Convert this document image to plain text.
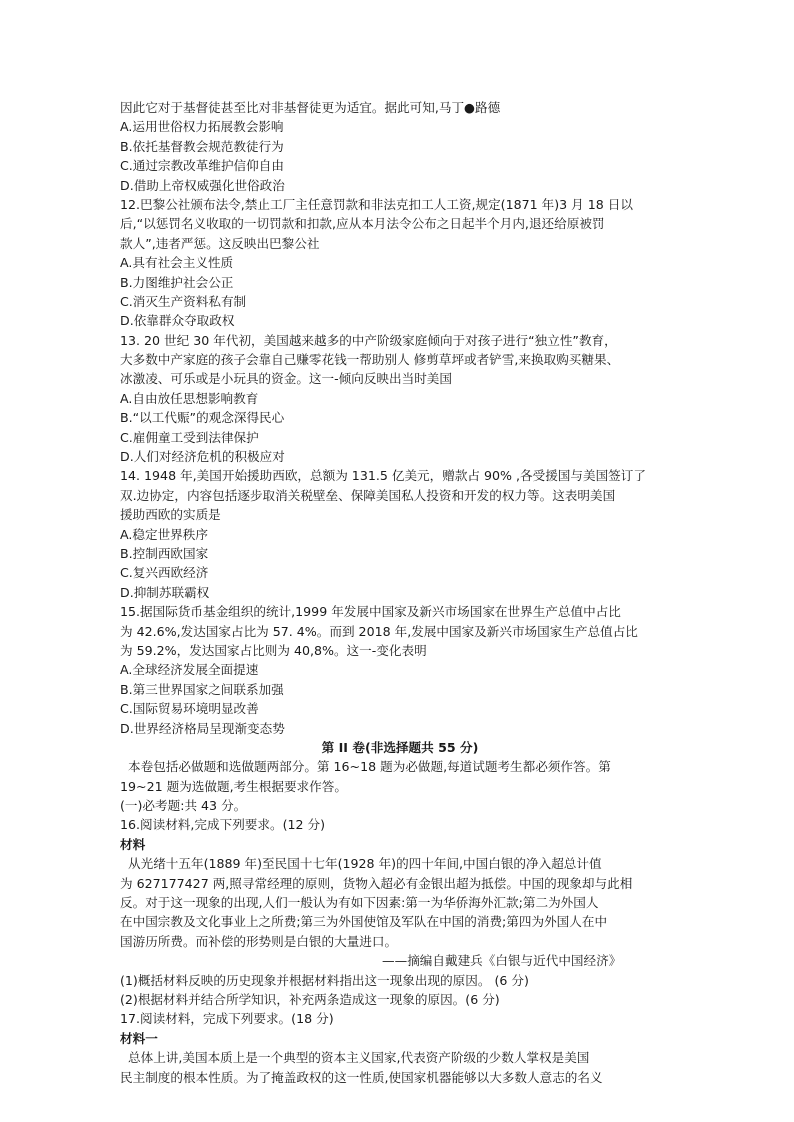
因此它对于基督徒甚至比对非基督徒更为适宜。据此可知,马丁●路德
A.运用世俗权力拓展教会影响
B.依托基督教会规范教徒行为
C.通过宗教改革维护信仰自由
D.借助上帝权威强化世俗政治
12.巴黎公社颁布法令,禁止工厂主任意罚款和非法克扣工人工资,规定(1871 年)3 月 18 日以
后,“以惩罚名义收取的一切罚款和扣款,应从本月法令公布之日起半个月内,退还给原被罚
款人”,违者严惩。这反映出巴黎公社
A.具有社会主义性质
B.力图维护社会公正
C.消灭生产资料私有制
D.依靠群众夺取政权
13. 20 世纪 30 年代初，美国越来越多的中产阶级家庭倾向于对孩子进行“独立性”教育，
大多数中产家庭的孩子会靠自己赚零花钱一帮助别人 修剪草坪或者铲雪,来换取购买糖果、
冰激凌、可乐或是小玩具的资金。这一-倾向反映出当时美国
A.自由放任思想影响教育
B.“以工代赈”的观念深得民心
C.雇佣童工受到法律保护
D.人们对经济危机的积极应对
14. 1948 年,美国开始援助西欧，总额为 131.5 亿美元，赠款占 90% ,各受援国与美国签订了
双.边协定，内容包括逐步取消关税壁垒、保障美国私人投资和开发的权力等。这表明美国
援助西欧的实质是
A.稳定世界秩序
B.控制西欧国家
C.复兴西欧经济
D.抑制苏联霸权
15.据国际货币基金组织的统计,1999 年发展中国家及新兴市场国家在世界生产总值中占比
为 42.6%,发达国家占比为 57. 4%。而到 2018 年,发展中国家及新兴市场国家生产总值占比
为 59.2%，发达国家占比则为 40,8%。这一-变化表明
A.全球经济发展全面提速
B.第三世界国家之间联系加强
C.国际贸易环境明显改善
D.世界经济格局呈现渐变态势
第 II 卷(非选择题共 55 分)
本卷包括必做题和选做题两部分。第 16~18 题为必做题,每道试题考生都必须作答。第
19~21 题为选做题,考生根据要求作答。
(一)必考题:共 43 分。
16.阅读材料,完成下列要求。(12 分)
材料
从光绪十五年(1889 年)至民国十七年(1928 年)的四十年间,中国白银的净入超总计值
为 627177427 两,照寻常经理的原则，货物入超必有金银出超为抵偿。中国的现象却与此相
反。对于这一现象的出现,人们一般认为有如下因素:第一为华侨海外汇款;第二为外国人
在中国宗教及文化事业上之所费;第三为外国使馆及军队在中国的消费;第四为外国人在中
国游历所费。而补偿的形势则是白银的大量进口。
——摘编自戴建兵《白银与近代中国经济》
(1)概括材料反映的历史现象并根据材料指出这一现象出现的原因。 (6 分)
(2)根据材料并结合所学知识，补充两条造成这一现象的原因。(6 分)
17.阅读材料，完成下列要求。(18 分)
材料一
总体上讲,美国本质上是一个典型的资本主义国家,代表资产阶级的少数人掌权是美国
民主制度的根本性质。为了掩盖政权的这一性质,使国家机器能够以大多数人意志的名义
